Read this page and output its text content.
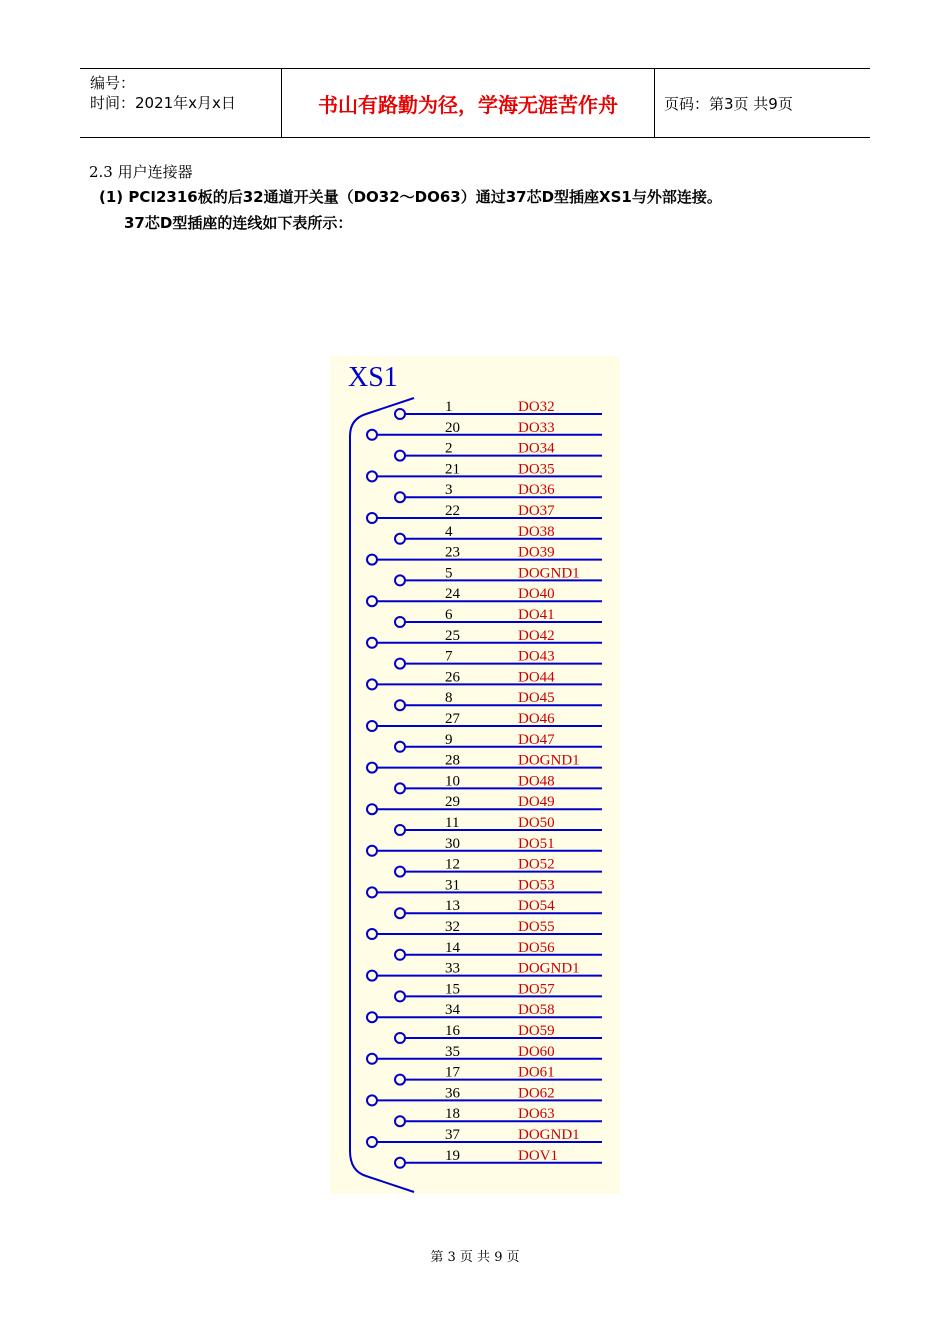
编号：
时间：2021年x月x日	书山有路勤为径，学海无涯苦作舟	页码：第3页 共9页
2.3 用户连接器
(1) PCI2316板的后32通道开关量（DO32～DO63）通过37芯D型插座XS1与外部连接。
37芯D型插座的连线如下表所示：
XS1
1	DO32
20	DO33
2	DO34
21	DO35
3	DO36
22	DO37
4	DO38
23	DO39
5	DOGND1
24	DO40
6	DO41
25	DO42
7	DO43
26	DO44
8	DO45
27	DO46
9	DO47
28	DOGND1
10	DO48
29	DO49
11	DO50
30	DO51
12	DO52
31	DO53
13	DO54
32	DO55
14	DO56
33	DOGND1
15	DO57
34	DO58
16	DO59
35	DO60
17	DO61
36	DO62
18	DO63
37	DOGND1
19	DOV1
第 3 页 共 9 页
